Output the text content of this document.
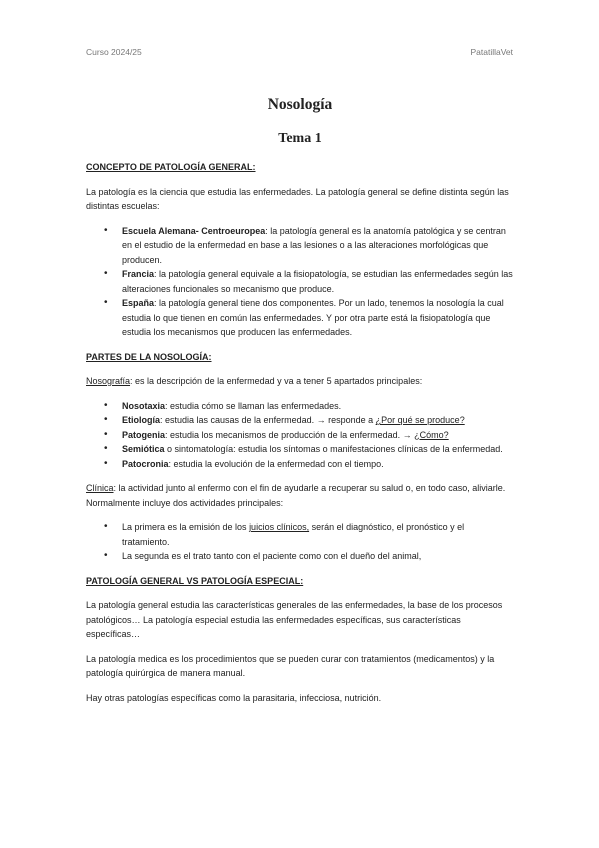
Curso 2024/25	PatatillaVet
Nosología
Tema 1

CONCEPTO DE PATOLOGÍA GENERAL:

La patología es la ciencia que estudia las enfermedades. La patología general se define distinta según las distintas escuelas:

• Escuela Alemana- Centroeuropea: la patología general es la anatomía patológica y se centran en el estudio de la enfermedad en base a las lesiones o a las alteraciones morfológicas que producen.
• Francia: la patología general equivale a la fisiopatología, se estudian las enfermedades según las alteraciones funcionales so mecanismo que produce.
• España: la patología general tiene dos componentes. Por un lado, tenemos la nosología la cual estudia lo que tienen en común las enfermedades. Y por otra parte está la fisiopatología que estudia los mecanismos que producen las enfermedades.

PARTES DE LA NOSOLOGÍA:

Nosografía: es la descripción de la enfermedad y va a tener 5 apartados principales:

• Nosotaxia: estudia cómo se llaman las enfermedades.
• Etiología: estudia las causas de la enfermedad. → responde a ¿Por qué se produce?
• Patogenia: estudia los mecanismos de producción de la enfermedad. → ¿Cómo?
• Semiótica o sintomatología: estudia los síntomas o manifestaciones clínicas de la enfermedad.
• Patocronia: estudia la evolución de la enfermedad con el tiempo.

Clínica: la actividad junto al enfermo con el fin de ayudarle a recuperar su salud o, en todo caso, aliviarle. Normalmente incluye dos actividades principales:

• La primera es la emisión de los juicios clínicos, serán el diagnóstico, el pronóstico y el tratamiento.
• La segunda es el trato tanto con el paciente como con el dueño del animal,

PATOLOGÍA GENERAL VS PATOLOGÍA ESPECIAL:

La patología general estudia las características generales de las enfermedades, la base de los procesos patológicos… La patología especial estudia las enfermedades específicas, sus características específicas…

La patología medica es los procedimientos que se pueden curar con tratamientos (medicamentos) y la patología quirúrgica de manera manual.

Hay otras patologías específicas como la parasitaria, infecciosa, nutrición.
